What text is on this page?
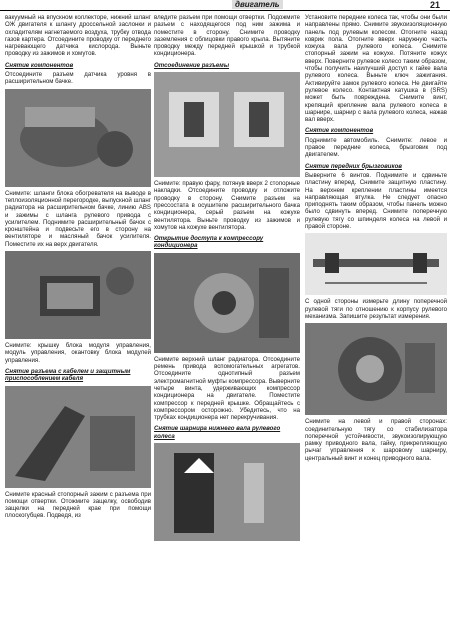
двигатель	21
вакуумный на впускном коллекторе, нижний шланг ОЖ двигателя к шлангу дроссельной заслонки и охладителям нагнетаемого воздуха, трубку отвода газов картера. Отсоедините проводку от переднего нагревающего датчика кислорода. Выньте проводку из зажимов и хомутов.
Снятие компонентов
Отсоедините разъем датчика уровня в расширительном бачке.
Снимите: шланги блока обогревателя на выводе в теплоизоляционной перегородке, выпускной шланг радиатора на расширительном бачке, линию ABS и зажимы с шланга рулевого привода с усилителем. Поднимите расширительный бачок с кронштейна и подвесьте его в сторону на вентиляторе и масляный бачок усилителя. Поместите их на верх двигателя.
Снимите: крышку блока модуля управления, модуль управления, окантовку блока модулей управления.
Снятие разъема с кабелем и защитным приспособлением кабеля
Снимите красный стопорный зажим с разъема при помощи отвертки. Отожмите защелку, освободив защелки на передней крае при помощи плоскогубцев. Подведя, из
вледите разъем при помощи отвертки. Подожмите разъем с находящегося под ним зажима и поместите в сторону. Снимите проводку заземления с облицовки правого крыла. Вытяните проводку между передней крышкой и трубкой кондиционера.
Отсоединение разъемы
Снимите: правую фару, потянув вверх 2 стопорные накладки. Отсоедините проводку и отложите проводку в сторону. Снимите разъем на прессостата в осушителе расширительного бачка кондиционера, серый разъем на кожухе вентилятора. Выньте проводку из зажимов и хомутов на кожухе вентилятора.
Открытие доступа к компрессору кондиционера
Снимите верхний шланг радиатора. Отсоедините ремень привода вспомогательных агрегатов. Отсоедините однотипный разъем электромагнитной муфты компрессора. Выверните четыре винта, удерживающих компрессор кондиционера на двигателе. Поместите компрессор к передней крышке. Обращайтесь с компрессором осторожно. Убедитесь, что на трубках кондиционера нет перекручивания.
Снятие шарнира нижнего вала рулевого колеса
Установите передние колеса так, чтобы они были направлены прямо. Снимите звукоизоляционную панель под рулевым колесом. Отогните назад коврик пола. Отогните вверх наружную часть кожуха вала рулевого колеса. Снимите стопорный зажим на кожухе. Потяните кожух вверх. Поверните рулевое колесо таким образом, чтобы получить наилучший доступ к гайке вала рулевого колеса. Выньте ключ зажигания. Активируйте замок рулевого колеса. Не двигайте рулевое колесо. Контактная катушка в (SRS) может быть повреждена. Снимите винт, крепящий крепление вала рулевого колеса в шарнире, шарнир с вала рулевого колеса, нажав вал вверх.
Снятие компонентов
Поднимите автомобиль. Снимите: левое и правое передние колеса, брызговик под двигателем.
Снятие передних брызговиков
Выверните 6 винтов. Поднимите и сдвиньте пластину вперед. Снимите защитную пластину. На верхнем креплении пластины имеется направляющая втулка. Не следует опасно приподнять таким образом, чтобы панель можно было сдвинуть вперед. Снимите поперечную рулевую тягу со шпинделя колеса на левой и правой стороне.
С одной стороны измерьте длину поперечной рулевой тяги по отношению к корпусу рулевого механизма. Запишите результат измерения.
Снимите на левой и правой сторонах: соединительную тягу со стабилизатора поперечной устойчивости, звукоизолирующую рамку приводного вала, гайку, прикрепляющую рычаг управления к шаровому шарниру, центральный винт и конец приводного вала.
